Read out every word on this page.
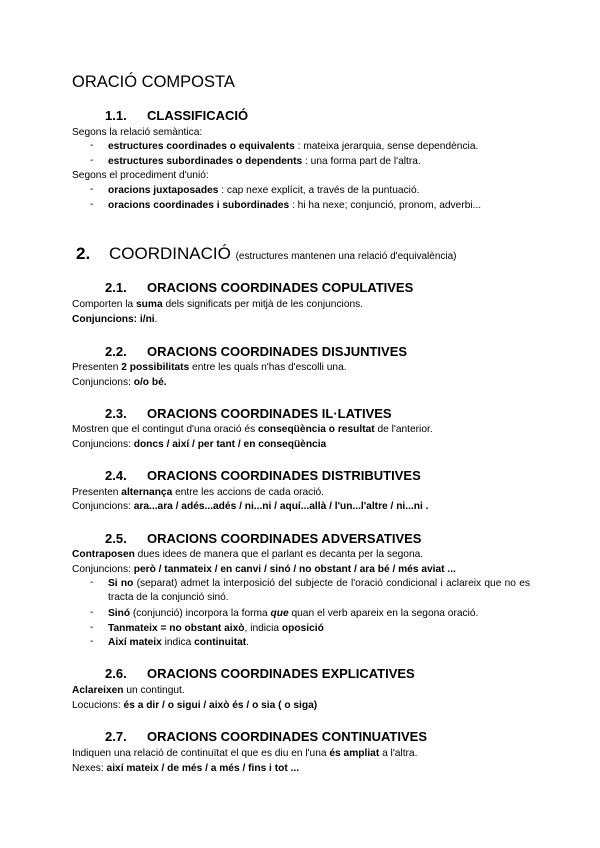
ORACIÓ COMPOSTA
1.1. CLASSIFICACIÓ
Segons la relació semàntica:
- estructures coordinades o equivalents : mateixa jerarquia, sense dependència.
- estructures subordinades o dependents : una forma part de l'altra.
Segons el procediment d'unió:
- oracions juxtaposades : cap nexe explícit, a través de la puntuació.
- oracions coordinades i subordinades : hi ha nexe; conjunció, pronom, adverbi...
2. COORDINACIÓ (estructures mantenen una relació d'equivalència)
2.1. ORACIONS COORDINADES COPULATIVES
Comporten la suma dels significats per mitjà de les conjuncions.
Conjuncions: i/ni.
2.2. ORACIONS COORDINADES DISJUNTIVES
Presenten 2 possibilitats entre les quals n'has d'escolli una.
Conjuncions: o/o bé.
2.3. ORACIONS COORDINADES IL·LATIVES
Mostren que el contingut d'una oració és conseqüència o resultat de l'anterior.
Conjuncions: doncs / així / per tant / en conseqüència
2.4. ORACIONS COORDINADES DISTRIBUTIVES
Presenten alternança entre les accions de cada oració.
Conjuncions: ara...ara / adés...adés / ni...ni / aquí...allà / l'un...l'altre / ni...ni .
2.5. ORACIONS COORDINADES ADVERSATIVES
Contraposen dues idees de manera que el parlant es decanta per la segona.
Conjuncions: però / tanmateix / en canvi / sinó / no obstant / ara bé / més aviat ...
- Si no (separat) admet la interposició del subjecte de l'oració condicional i aclareix que no es tracta de la conjunció sinó.
- Sinó (conjunció) incorpora la forma que quan el verb apareix en la segona oració.
- Tanmateix = no obstant això, indicia oposició
- Així mateix indica continuitat.
2.6. ORACIONS COORDINADES EXPLICATIVES
Aclareixen un contingut.
Locucions: és a dir / o sigui / això és / o sia ( o siga)
2.7. ORACIONS COORDINADES CONTINUATIVES
Indiquen una relació de continuïtat el que es diu en l'una és ampliat a l'altra.
Nexes: així mateix / de més / a més / fins i tot ...
